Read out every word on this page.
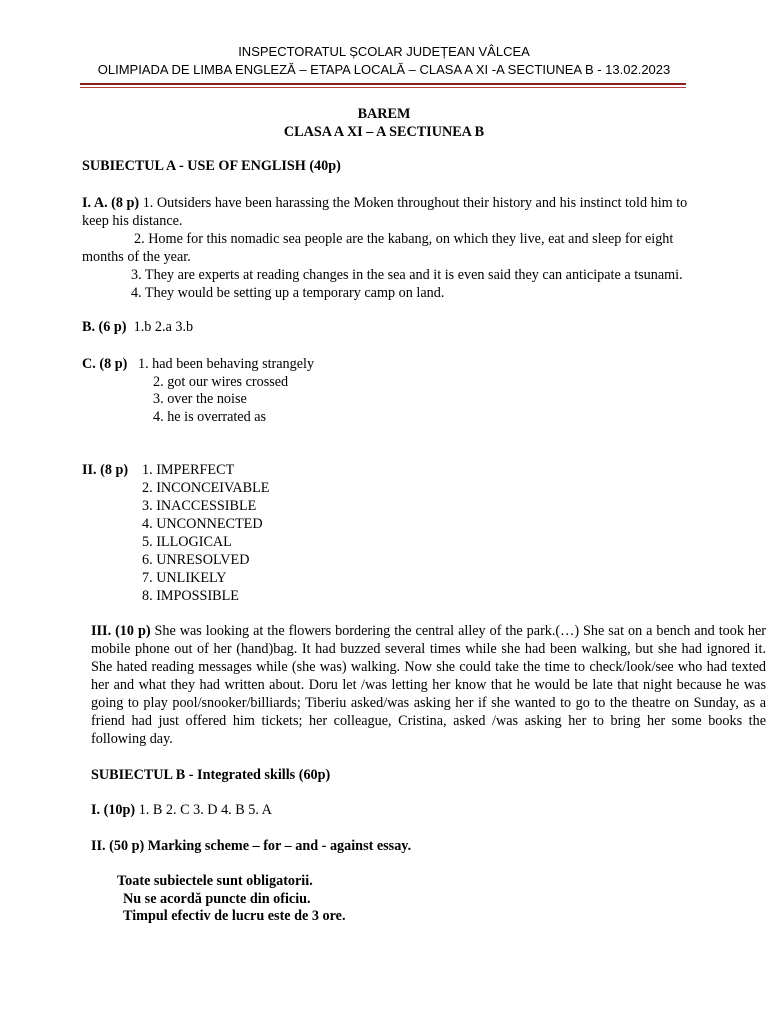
INSPECTORATUL ȘCOLAR JUDEȚEAN VÂLCEA
OLIMPIADA DE LIMBA ENGLEZĂ – ETAPA LOCALĂ – CLASA A XI -A SECTIUNEA B - 13.02.2023
BAREM
CLASA A XI – A SECTIUNEA B
SUBIECTUL A - USE OF ENGLISH (40p)
I. A. (8 p) 1. Outsiders have been harassing the Moken throughout their history and his instinct told him to
keep his distance.
2. Home for this nomadic sea people are the kabang, on which they live, eat and sleep for eight
months of the year.
3. They are experts at reading changes in the sea and it is even said they can anticipate a tsunami.
4. They would be setting up a temporary camp on land.
B. (6 p) 1.b 2.a 3.b
C. (8 p) 1. had been behaving strangely
2. got our wires crossed
3. over the noise
4. he is overrated as
II. (8 p) 1. IMPERFECT
2. INCONCEIVABLE
3. INACCESSIBLE
4. UNCONNECTED
5. ILLOGICAL
6. UNRESOLVED
7. UNLIKELY
8. IMPOSSIBLE
III. (10 p) She was looking at the flowers bordering the central alley of the park.(…) She sat on a bench and took her mobile phone out of her (hand)bag. It had buzzed several times while she had been walking, but she had ignored it. She hated reading messages while (she was) walking. Now she could take the time to check/look/see who had texted her and what they had written about. Doru let /was letting her know that he would be late that night because he was going to play pool/snooker/billiards; Tiberiu asked/was asking her if she wanted to go to the theatre on Sunday, as a friend had just offered him tickets; her colleague, Cristina, asked /was asking her to bring her some books the following day.
SUBIECTUL B - Integrated skills (60p)
I. (10p) 1. B 2. C 3. D 4. B 5. A
II. (50 p) Marking scheme – for – and - against essay.
Toate subiectele sunt obligatorii.
Nu se acordă puncte din oficiu.
Timpul efectiv de lucru este de 3 ore.
